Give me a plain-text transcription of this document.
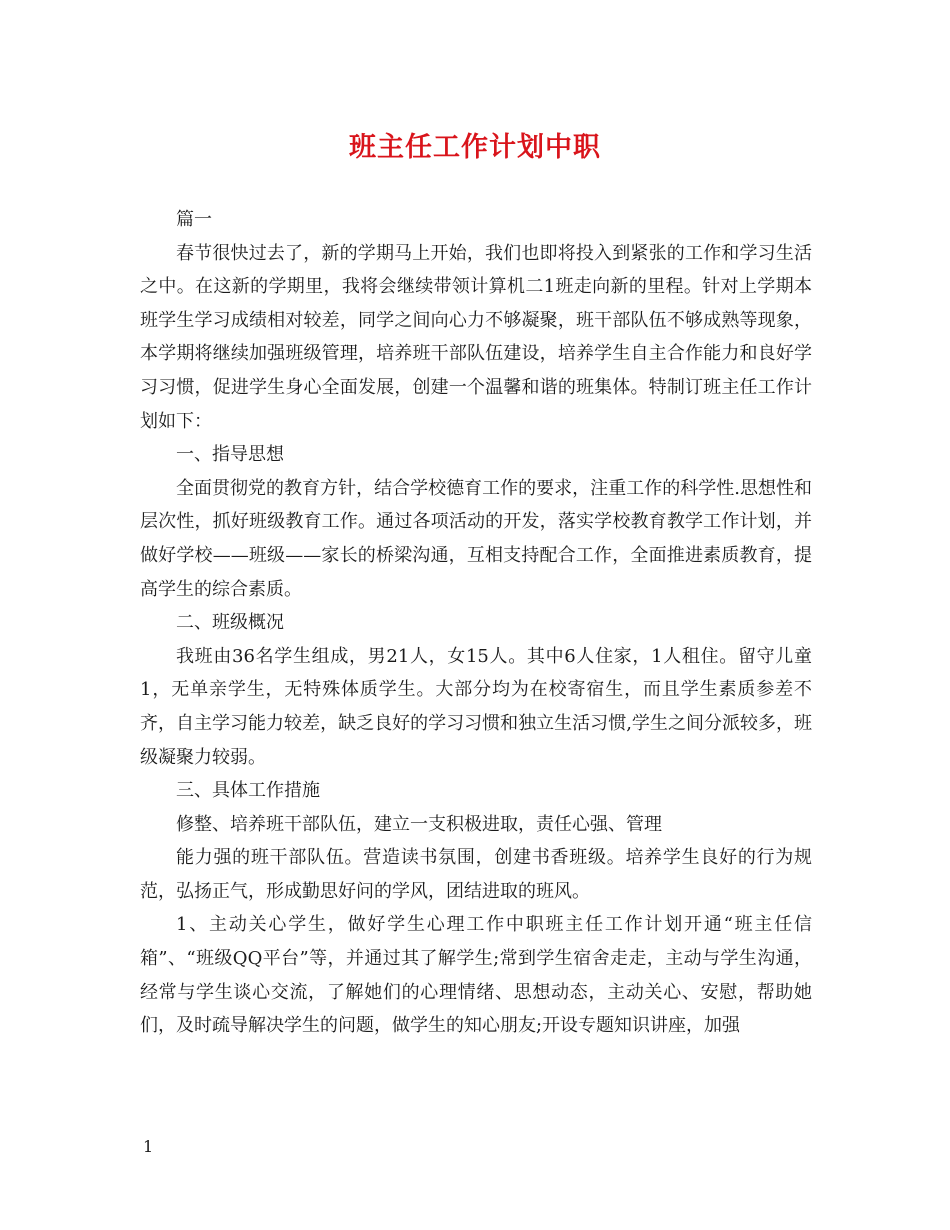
班主任工作计划中职

篇一

春节很快过去了，新的学期马上开始，我们也即将投入到紧张的工作和学习生活之中。在这新的学期里，我将会继续带领计算机二1班走向新的里程。针对上学期本班学生学习成绩相对较差，同学之间向心力不够凝聚，班干部队伍不够成熟等现象，本学期将继续加强班级管理，培养班干部队伍建设，培养学生自主合作能力和良好学习习惯，促进学生身心全面发展，创建一个温馨和谐的班集体。特制订班主任工作计划如下：

一、指导思想

全面贯彻党的教育方针，结合学校德育工作的要求，注重工作的科学性.思想性和层次性，抓好班级教育工作。通过各项活动的开发，落实学校教育教学工作计划，并做好学校——班级——家长的桥梁沟通，互相支持配合工作，全面推进素质教育，提高学生的综合素质。

二、班级概况

我班由36名学生组成，男21人，女15人。其中6人住家，1人租住。留守儿童1，无单亲学生，无特殊体质学生。大部分均为在校寄宿生，而且学生素质参差不齐，自主学习能力较差，缺乏良好的学习习惯和独立生活习惯,学生之间分派较多，班级凝聚力较弱。

三、具体工作措施

修整、培养班干部队伍，建立一支积极进取，责任心强、管理

能力强的班干部队伍。营造读书氛围，创建书香班级。培养学生良好的行为规范，弘扬正气，形成勤思好问的学风，团结进取的班风。

1、主动关心学生，做好学生心理工作中职班主任工作计划开通“班主任信箱”、“班级QQ平台”等，并通过其了解学生;常到学生宿舍走走，主动与学生沟通，经常与学生谈心交流，了解她们的心理情绪、思想动态，主动关心、安慰，帮助她们，及时疏导解决学生的问题，做学生的知心朋友;开设专题知识讲座，加强

1
